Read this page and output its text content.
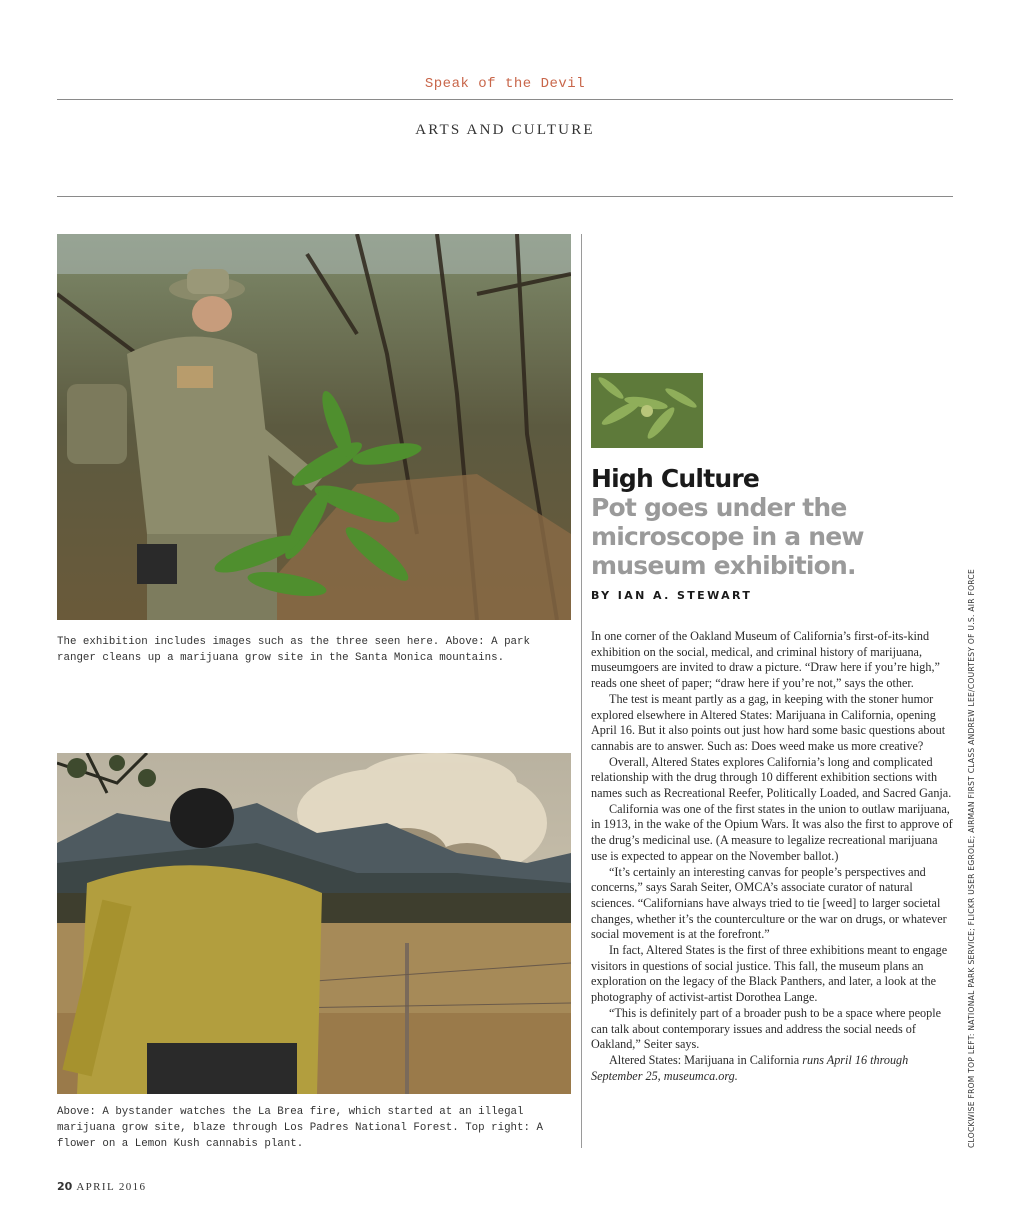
Speak of the Devil
ARTS AND CULTURE
The exhibition includes images such as the three seen here. Above: A park ranger cleans up a marijuana grow site in the Santa Monica mountains.
High Culture
Pot goes under the microscope in a new museum exhibition.
BY IAN A. STEWART

In one corner of the Oakland Museum of California’s first-of-its-kind exhibition on the social, medical, and criminal history of marijuana, museumgoers are invited to draw a picture. “Draw here if you’re high,” reads one sheet of paper; “draw here if you’re not,” says the other.

The test is meant partly as a gag, in keeping with the stoner humor explored elsewhere in Altered States: Marijuana in California, opening April 16. But it also points out just how hard some basic questions about cannabis are to answer. Such as: Does weed make us more creative?

Overall, Altered States explores California’s long and complicated relationship with the drug through 10 different exhibition sections with names such as Recreational Reefer, Politically Loaded, and Sacred Ganja.

California was one of the first states in the union to outlaw marijuana, in 1913, in the wake of the Opium Wars. It was also the first to approve of the drug’s medicinal use. (A measure to legalize recreational marijuana use is expected to appear on the November ballot.)

“It’s certainly an interesting canvas for people’s perspectives and concerns,” says Sarah Seiter, OMCA’s associate curator of natural sciences. “Californians have always tried to tie [weed] to larger societal changes, whether it’s the counterculture or the war on drugs, or whatever social movement is at the forefront.”

In fact, Altered States is the first of three exhibitions meant to engage visitors in questions of social justice. This fall, the museum plans an exploration on the legacy of the Black Panthers, and later, a look at the photography of activist-artist Dorothea Lange.

“This is definitely part of a broader push to be a space where people can talk about contemporary issues and address the social needs of Oakland,” Seiter says.

Altered States: Marijuana in California runs April 16 through September 25, museumca.org.

Above: A bystander watches the La Brea fire, which started at an illegal marijuana grow site, blaze through Los Padres National Forest. Top right: A flower on a Lemon Kush cannabis plant.	CLOCKWISE FROM TOP LEFT: NATIONAL PARK SERVICE; FLICKR USER EGROLE; AIRMAN FIRST CLASS ANDREW LEE/COURTESY OF U.S. AIR FORCE
20 APRIL 2016
